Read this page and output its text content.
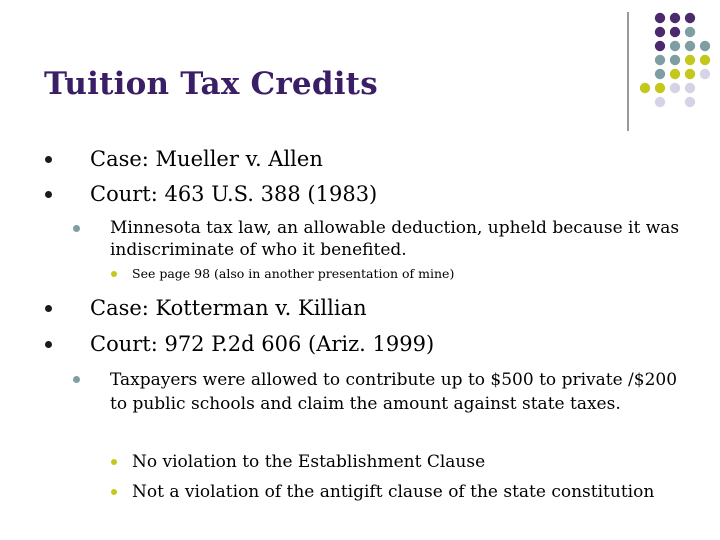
Tuition Tax Credits
Case: Mueller v. Allen
Court: 463 U.S. 388 (1983)
Minnesota tax law, an allowable deduction, upheld because it was indiscriminate of who it benefited.
See page 98 (also in another presentation of mine)
Case: Kotterman v. Killian
Court: 972 P.2d 606 (Ariz. 1999)
Taxpayers were allowed to contribute up to $500 to private /$200 to public schools and claim the amount against state taxes.
No violation to the Establishment Clause
Not a violation of the antigift clause of the state constitution
